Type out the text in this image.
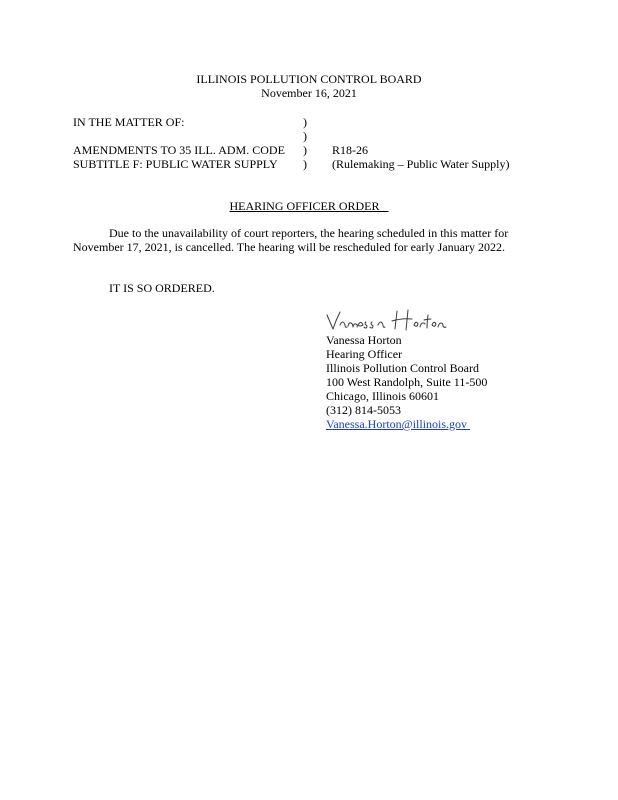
ILLINOIS POLLUTION CONTROL BOARD
November 16, 2021
IN THE MATTER OF:
AMENDMENTS TO 35 ILL. ADM. CODE
SUBTITLE F: PUBLIC WATER SUPPLY
)
)
)
)
R18-26
(Rulemaking – Public Water Supply)
HEARING OFFICER ORDER
Due to the unavailability of court reporters, the hearing scheduled in this matter for
November 17, 2021, is cancelled. The hearing will be rescheduled for early January 2022.
IT IS SO ORDERED.
Vanessa Horton
Hearing Officer
Illinois Pollution Control Board
100 West Randolph, Suite 11-500
Chicago, Illinois 60601
(312) 814-5053
Vanessa.Horton@illinois.gov
